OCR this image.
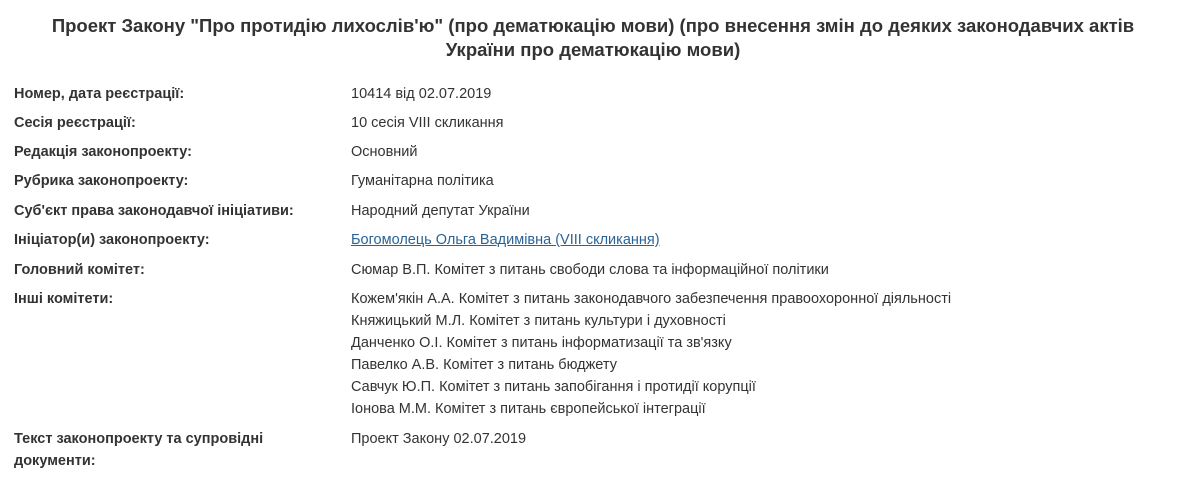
Проект Закону "Про протидію лихослів'ю" (про дематюкацію мови) (про внесення змін до деяких законодавчих актів України про дематюкацію мови)
Номер, дата реєстрації:	10414 від 02.07.2019
Сесія реєстрації:	10 сесія VIII скликання
Редакція законопроекту:	Основний
Рубрика законопроекту:	Гуманітарна політика
Суб'єкт права законодавчої ініціативи:	Народний депутат України
Ініціатор(и) законопроекту:	Богомолець Ольга Вадимівна (VIII скликання)
Головний комітет:	Сюмар В.П. Комітет з питань свободи слова та інформаційної політики
Інші комітети:	Кожем'якін А.А. Комітет з питань законодавчого забезпечення правоохоронної діяльності
Княжицький М.Л. Комітет з питань культури і духовності
Данченко О.І. Комітет з питань інформатизації та зв'язку
Павелко А.В. Комітет з питань бюджету
Савчук Ю.П. Комітет з питань запобігання і протидії корупції
Іонова М.М. Комітет з питань європейської інтеграції
Текст законопроекту та супровідні документи:
Проект Закону 02.07.2019
